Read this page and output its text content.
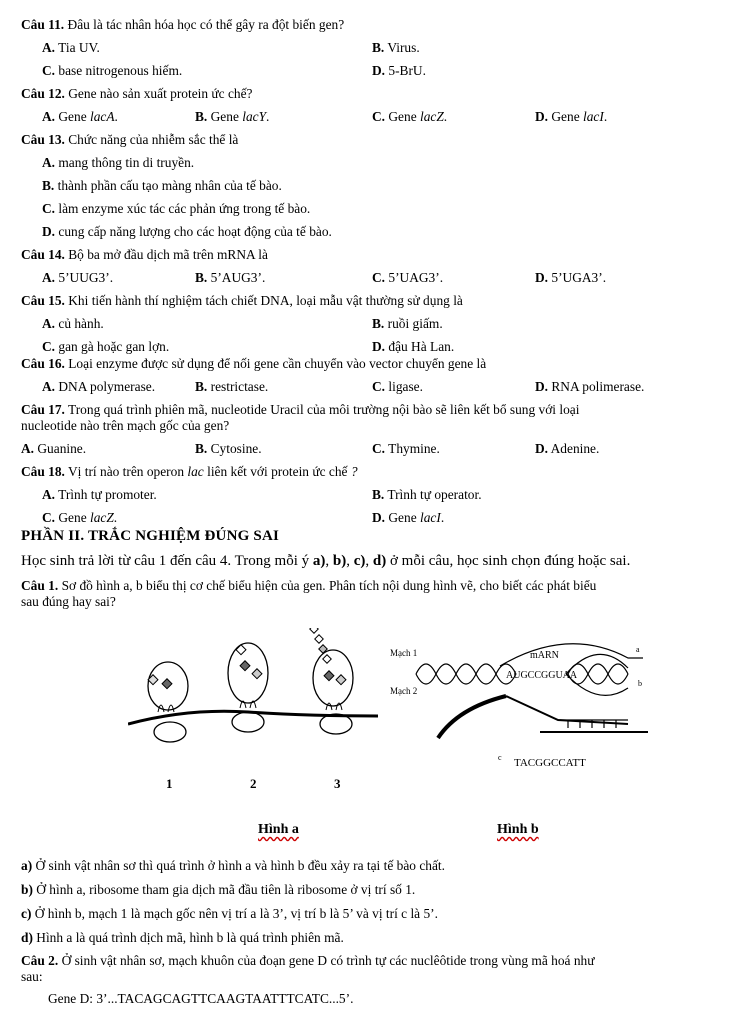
Câu 11. Đâu là tác nhân hóa học có thể gây ra đột biến gen?
A. Tia UV.	B. Virus.
C. base nitrogenous hiếm.	D. 5-BrU.
Câu 12. Gene nào sản xuất protein ức chế?
A. Gene lacA.	B. Gene lacY.	C. Gene lacZ.	D. Gene lacI.
Câu 13. Chức năng của nhiễm sắc thể là
A. mang thông tin di truyền.
B. thành phần cấu tạo màng nhân của tế bào.
C. làm enzyme xúc tác các phản ứng trong tế bào.
D. cung cấp năng lượng cho các hoạt động của tế bào.
Câu 14. Bộ ba mở đầu dịch mã trên mRNA là
A. 5’UUG3’.	B. 5’AUG3’.	C. 5’UAG3’.	D. 5’UGA3’.
Câu 15. Khi tiến hành thí nghiệm tách chiết DNA, loại mẫu vật thường sử dụng là
A. củ hành.	B. ruồi giấm.
C. gan gà hoặc gan lợn.	D. đậu Hà Lan.
Câu 16. Loại enzyme được sử dụng để nối gene cần chuyển vào vector chuyển gene là
A. DNA polymerase.	B. restrictase.	C. ligase.	D. RNA polimerase.
Câu 17. Trong quá trình phiên mã, nucleotide Uracil của môi trường nội bào sẽ liên kết bổ sung với loại
nucleotide nào trên mạch gốc của gen?
A. Guanine.	B. Cytosine.	C. Thymine.	D. Adenine.
Câu 18. Vị trí nào trên operon lac liên kết với protein ức chế ?
A. Trình tự promoter.	B. Trình tự operator.
C. Gene lacZ.	D. Gene lacI.
PHẦN II. TRẮC NGHIỆM ĐÚNG SAI
Học sinh trả lời từ câu 1 đến câu 4. Trong mỗi ý a), b), c), d) ở mỗi câu, học sinh chọn đúng hoặc sai.
Câu 1. Sơ đồ hình a, b biểu thị cơ chế biểu hiện của gen. Phân tích nội dung hình vẽ, cho biết các phát biểu
sau đúng hay sai?
1	2	3
Mạch 1
Mạch 2
mARN
AUGCCGGUAA
TACGGCCATT
a
b
c
Hình a	Hình b
a) Ở sinh vật nhân sơ thì quá trình ở hình a và hình b đều xảy ra tại tế bào chất.
b) Ở hình a, ribosome tham gia dịch mã đầu tiên là ribosome ở vị trí số 1.
c) Ở hình b, mạch 1 là mạch gốc nên vị trí a là 3’, vị trí b là 5’ và vị trí c là 5’.
d) Hình a là quá trình dịch mã, hình b là quá trình phiên mã.
Câu 2. Ở sinh vật nhân sơ, mạch khuôn của đoạn gene D có trình tự các nuclêôtide trong vùng mã hoá như
sau:
Gene D: 3’...TACAGCAGTTCAAGTAATTTCATC...5’.
